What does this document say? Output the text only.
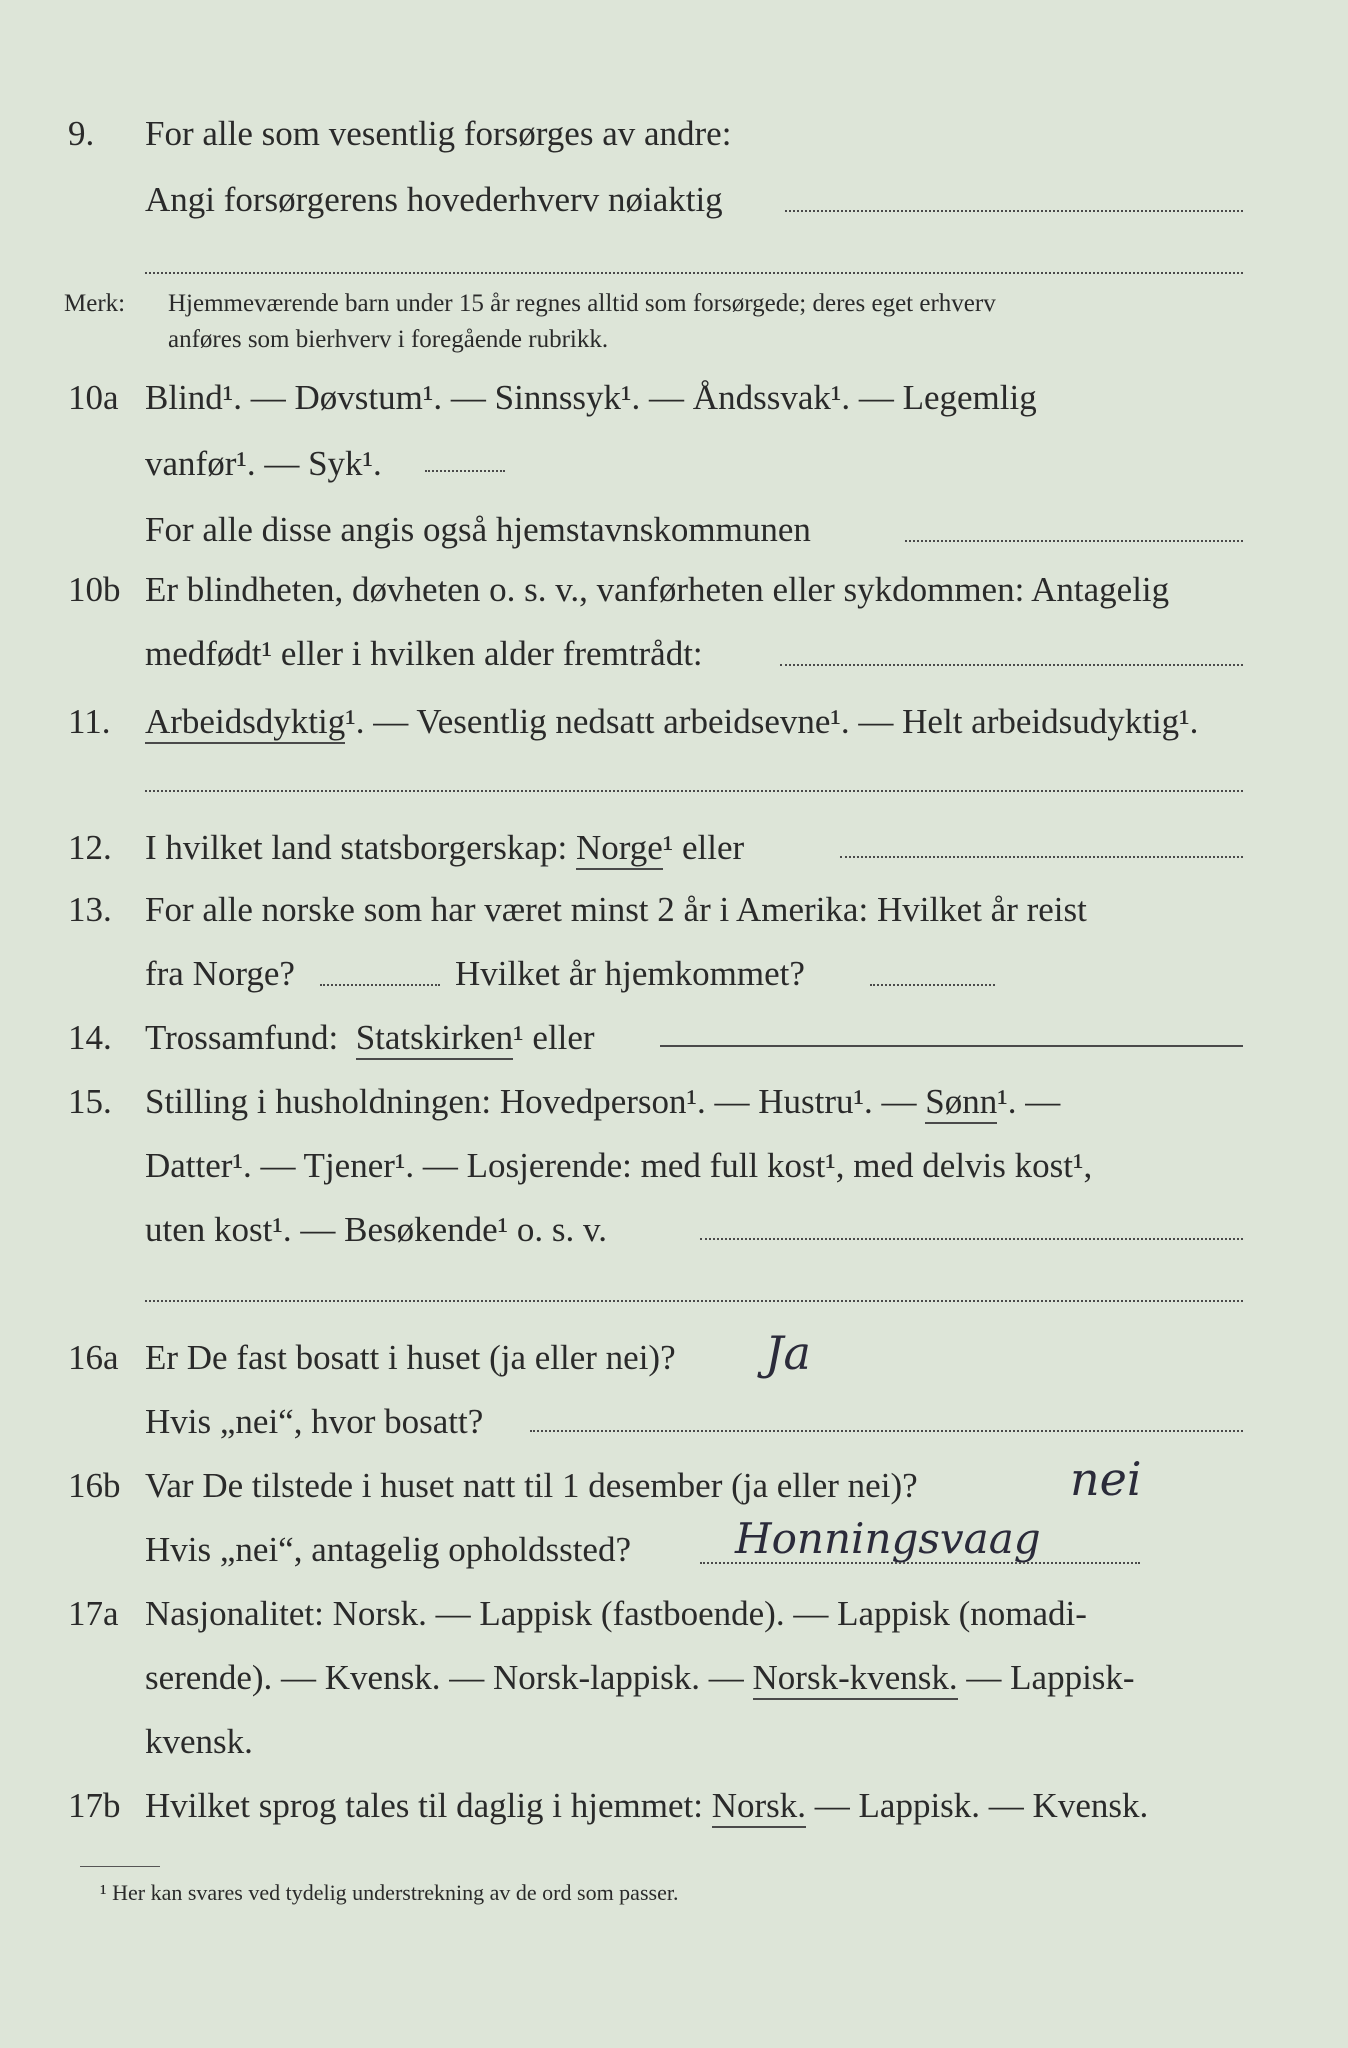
9. For alle som vesentlig forsørges av andre:
Angi forsørgerens hovederhverv nøiaktig
Merk: Hjemmeværende barn under 15 år regnes alltid som forsørgede; deres eget erhverv
anføres som bierhverv i foregående rubrikk.
10a Blind¹. — Døvstum¹. — Sinnssyk¹. — Åndssvak¹. — Legemlig
vanfør¹. — Syk¹.
For alle disse angis også hjemstavnskommunen
10b Er blindheten, døvheten o. s. v., vanførheten eller sykdommen: Antagelig
medfødt¹ eller i hvilken alder fremtrådt:
11. Arbeidsdyktig¹. — Vesentlig nedsatt arbeidsevne¹. — Helt arbeidsudyktig¹.
12. I hvilket land statsborgerskap: Norge¹ eller
13. For alle norske som har været minst 2 år i Amerika: Hvilket år reist
fra Norge?	Hvilket år hjemkommet?
14. Trossamfund: Statskirken¹ eller
15. Stilling i husholdningen: Hovedperson¹. — Hustru¹. — Sønn¹. —
Datter¹. — Tjener¹. — Losjerende: med full kost¹, med delvis kost¹,
uten kost¹. — Besøkende¹ o. s. v.
16a Er De fast bosatt i huset (ja eller nei)? Ja
Hvis „nei“, hvor bosatt?
16b Var De tilstede i huset natt til 1 desember (ja eller nei)?	nei
Hvis „nei“, antagelig opholdssted? Honningsvaag
17a Nasjonalitet: Norsk. — Lappisk (fastboende). — Lappisk (nomadi-
serende). — Kvensk. — Norsk-lappisk. — Norsk-kvensk. — Lappisk-
kvensk.
17b Hvilket sprog tales til daglig i hjemmet: Norsk. — Lappisk. — Kvensk.
¹ Her kan svares ved tydelig understrekning av de ord som passer.
